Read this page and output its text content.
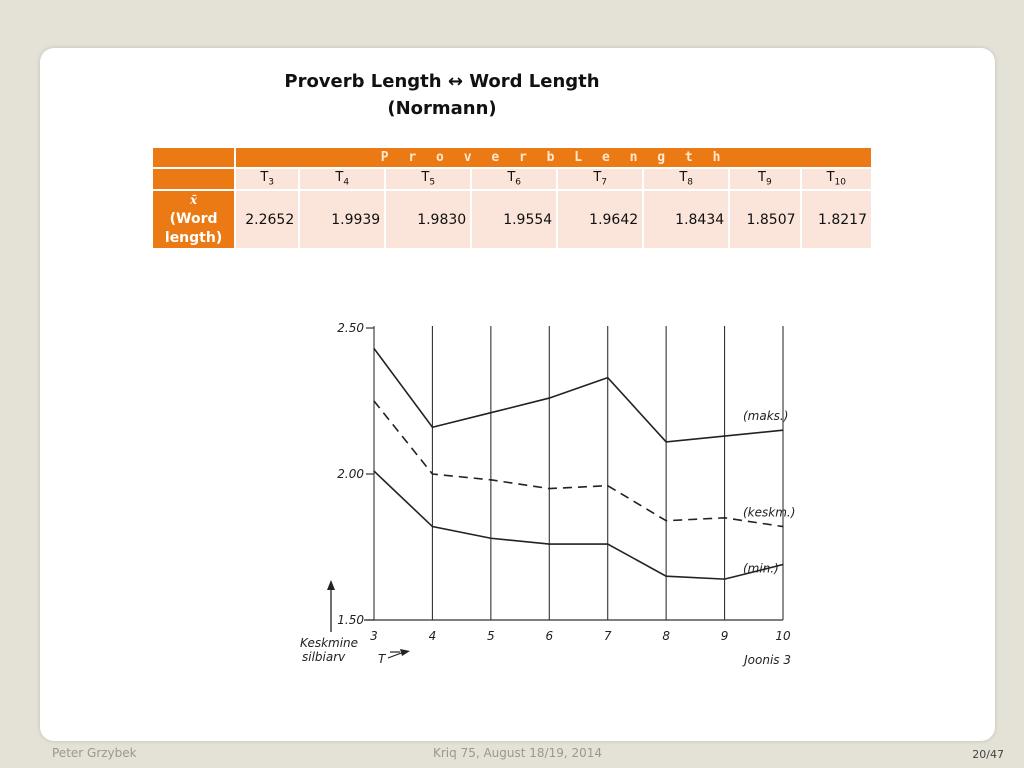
Proverb Length ↔ Word Length
(Normann)
	P r o v e r b L e n g t h							
	$T_3$	$T_4$	$T_5$	$T_6$	$T_7$	$T_8$	$T_9$	$T_{10}$

x̄
(Word length)	2.2652	1.9939	1.9830	1.9554	1.9642	1.8434	1.8507	1.8217
2.50
2.00
1.50
3	4	5	6	7	8	9	10
(maks.)
(keskm.)
(min.)
Keskmine
silbiarv	T	Joonis 3
Peter Grzybek	Kriq 75, August 18/19, 2014	20/47
